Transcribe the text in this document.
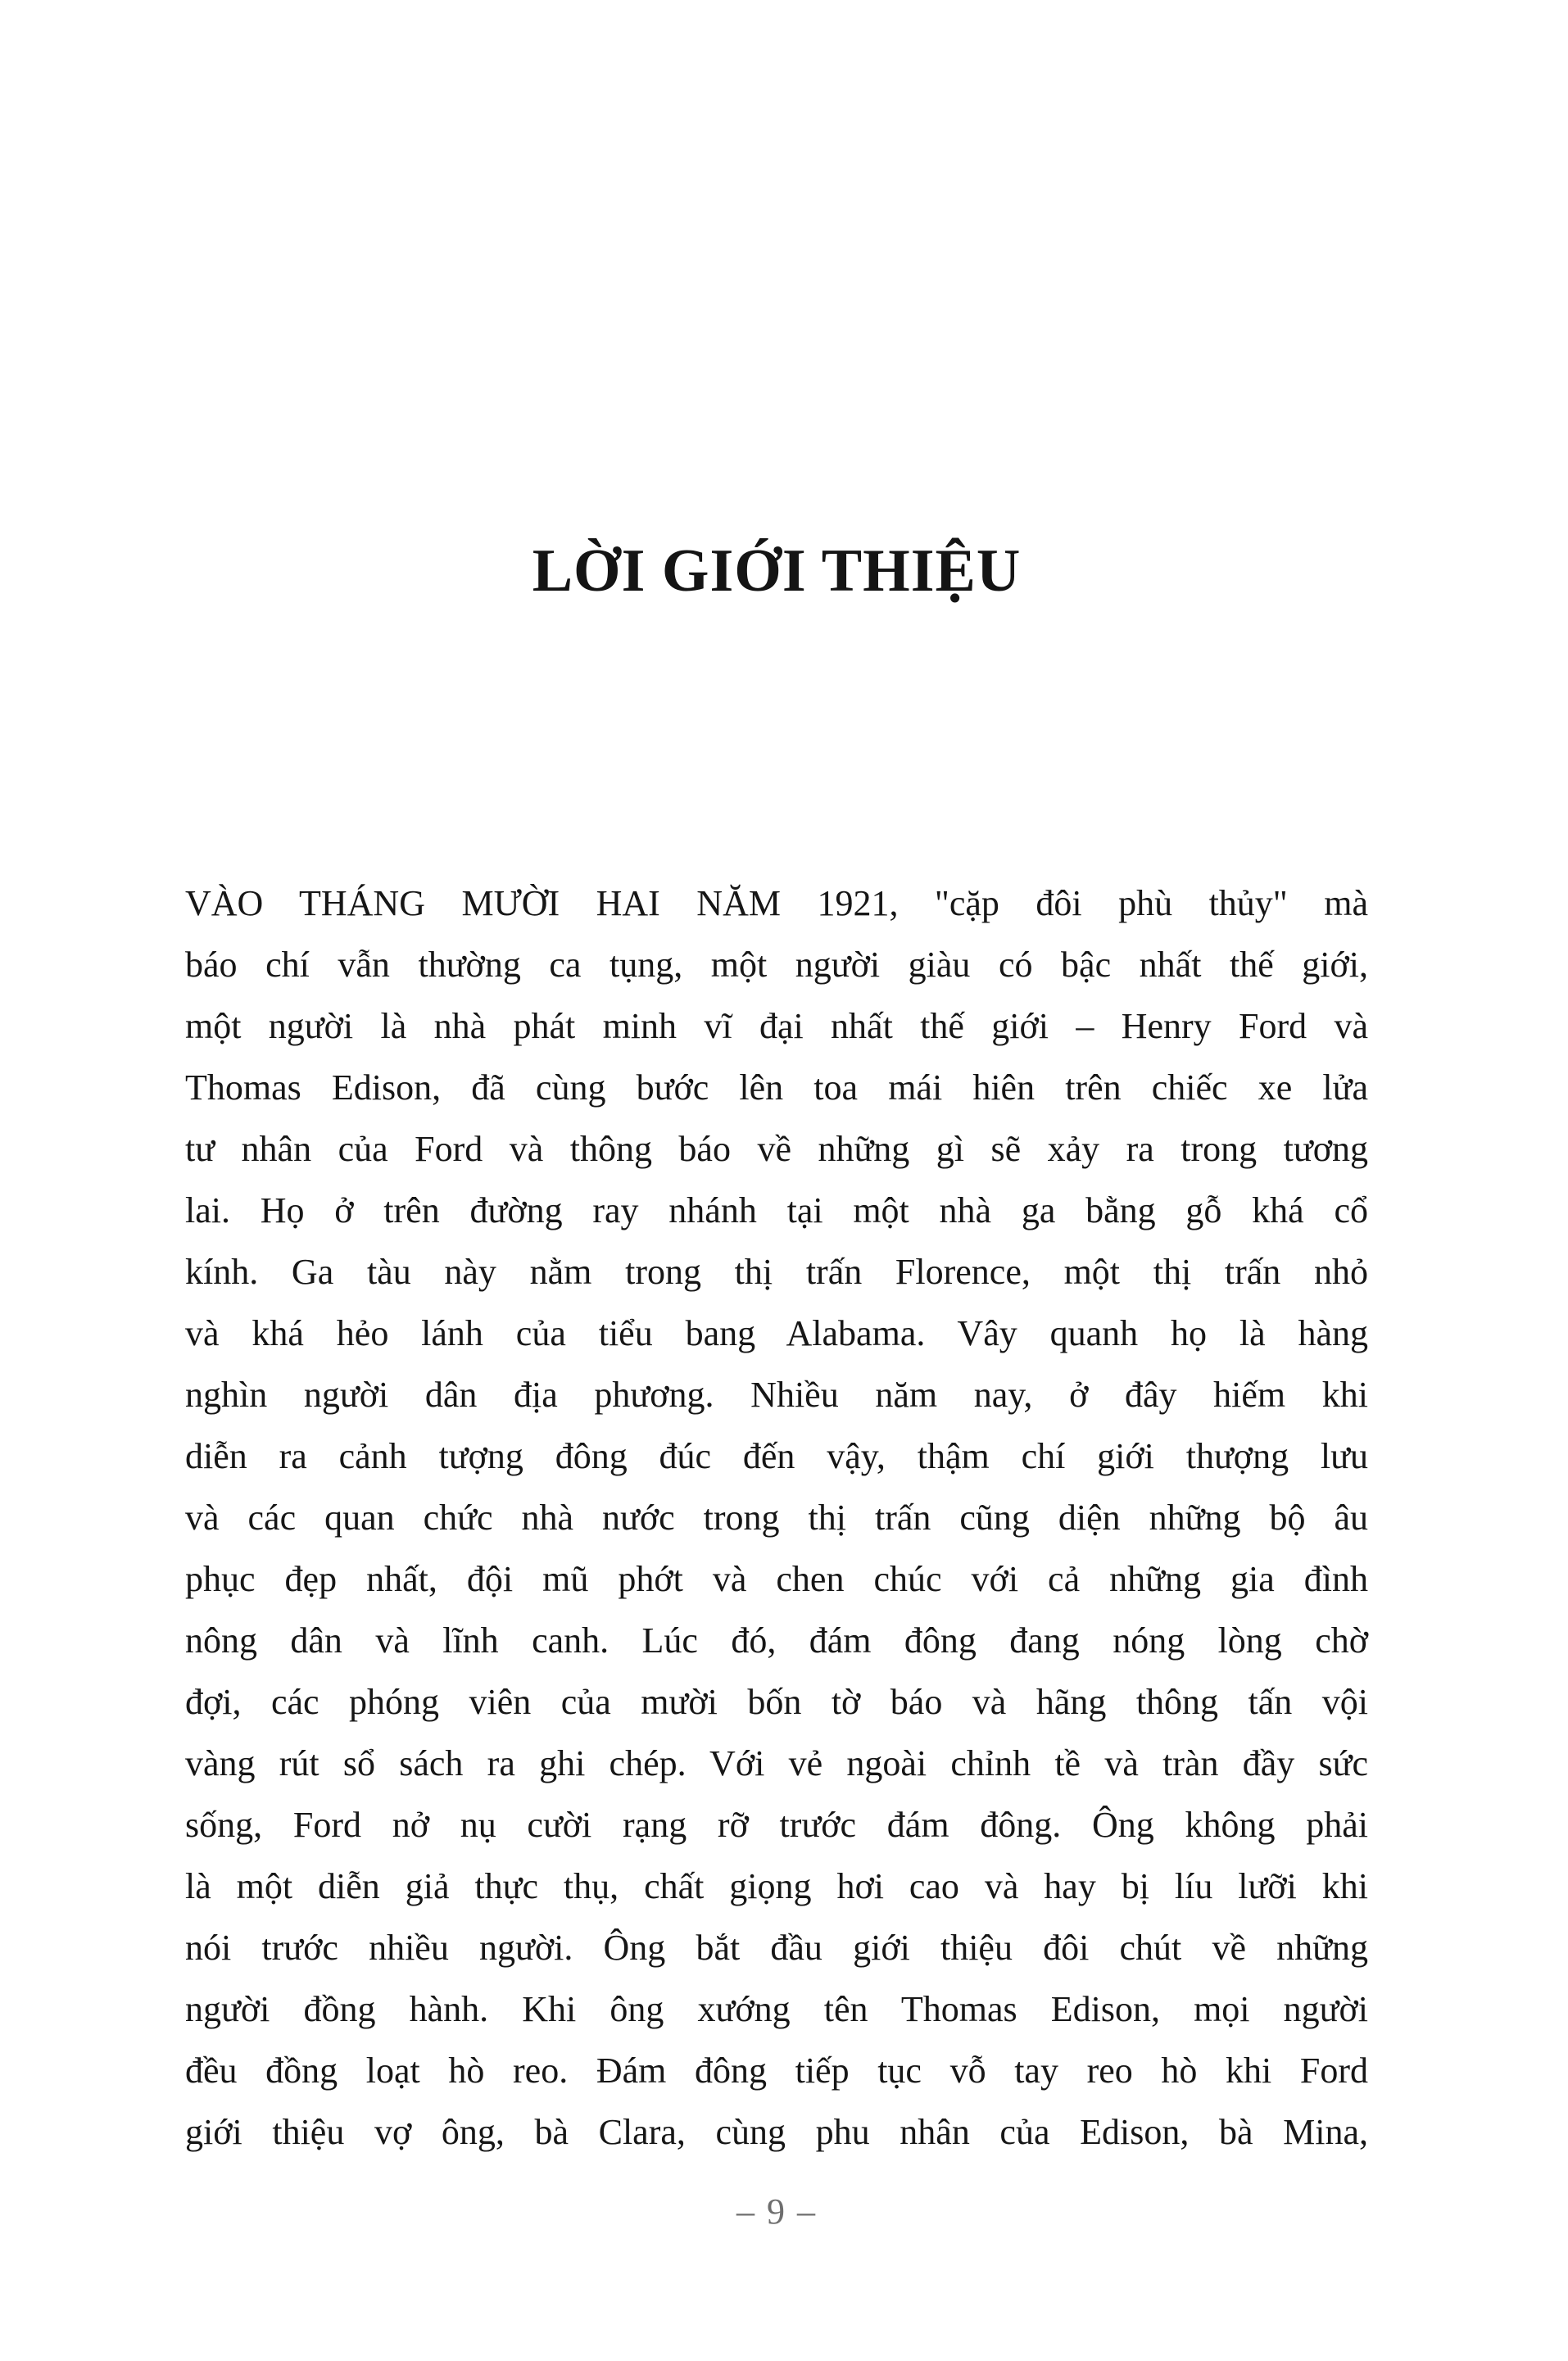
LỜI GIỚI THIỆU
VÀO THÁNG MƯỜI HAI NĂM 1921, "cặp đôi phù thủy" mà
báo chí vẫn thường ca tụng, một người giàu có bậc nhất thế giới,
một người là nhà phát minh vĩ đại nhất thế giới – Henry Ford và
Thomas Edison, đã cùng bước lên toa mái hiên trên chiếc xe lửa
tư nhân của Ford và thông báo về những gì sẽ xảy ra trong tương
lai. Họ ở trên đường ray nhánh tại một nhà ga bằng gỗ khá cổ
kính. Ga tàu này nằm trong thị trấn Florence, một thị trấn nhỏ
và khá hẻo lánh của tiểu bang Alabama. Vây quanh họ là hàng
nghìn người dân địa phương. Nhiều năm nay, ở đây hiếm khi
diễn ra cảnh tượng đông đúc đến vậy, thậm chí giới thượng lưu
và các quan chức nhà nước trong thị trấn cũng diện những bộ âu
phục đẹp nhất, đội mũ phớt và chen chúc với cả những gia đình
nông dân và lĩnh canh. Lúc đó, đám đông đang nóng lòng chờ
đợi, các phóng viên của mười bốn tờ báo và hãng thông tấn vội
vàng rút sổ sách ra ghi chép. Với vẻ ngoài chỉnh tề và tràn đầy sức
sống, Ford nở nụ cười rạng rỡ trước đám đông. Ông không phải
là một diễn giả thực thụ, chất giọng hơi cao và hay bị líu lưỡi khi
nói trước nhiều người. Ông bắt đầu giới thiệu đôi chút về những
người đồng hành. Khi ông xướng tên Thomas Edison, mọi người
đều đồng loạt hò reo. Đám đông tiếp tục vỗ tay reo hò khi Ford
giới thiệu vợ ông, bà Clara, cùng phu nhân của Edison, bà Mina,
– 9 –
